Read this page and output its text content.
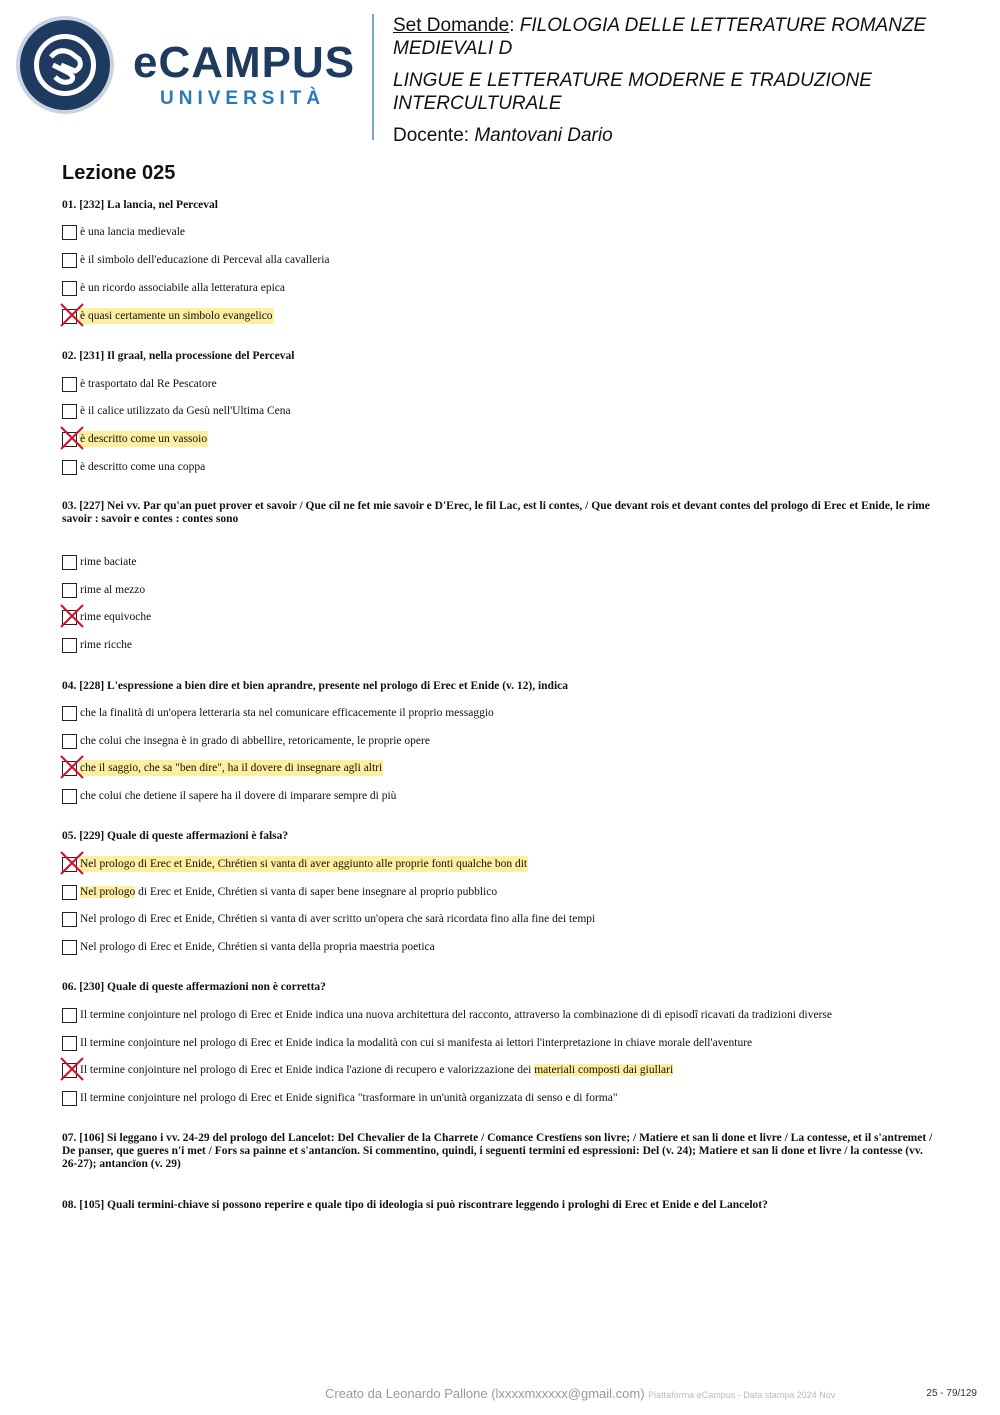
eCAMPUS
UNIVERSITÀ

Set Domande: FILOLOGIA DELLE LETTERATURE ROMANZE MEDIEVALI D

LINGUE E LETTERATURE MODERNE E TRADUZIONE INTERCULTURALE

Docente: Mantovani Dario

Lezione 025
01. [232] La lancia, nel Perceval
è una lancia medievale
è il simbolo dell'educazione di Perceval alla cavalleria
è un ricordo associabile alla letteratura epica
è quasi certamente un simbolo evangelico
02. [231] Il graal, nella processione del Perceval
è trasportato dal Re Pescatore
è il calice utilizzato da Gesù nell'Ultima Cena
è descritto come un vassoio
è descritto come una coppa
03. [227] Nei vv. Par qu'an puet prover et savoir / Que cil ne fet mie savoir e D'Erec, le fil Lac, est li contes, / Que devant rois et devant contes del prologo di Erec et Enide, le rime savoir : savoir e contes : contes sono
rime baciate
rime al mezzo
rime equivoche
rime ricche
04. [228] L'espressione a bien dire et bien aprandre, presente nel prologo di Erec et Enide (v. 12), indica
che la finalità di un'opera letteraria sta nel comunicare efficacemente il proprio messaggio
che colui che insegna è in grado di abbellire, retoricamente, le proprie opere
che il saggio, che sa "ben dire", ha il dovere di insegnare agli altri
che colui che detiene il sapere ha il dovere di imparare sempre di più
05. [229] Quale di queste affermazioni è falsa?
Nel prologo di Erec et Enide, Chrétien si vanta di aver aggiunto alle proprie fonti qualche bon dit
Nel prologo di Erec et Enide, Chrétien si vanta di saper bene insegnare al proprio pubblico
Nel prologo di Erec et Enide, Chrétien si vanta di aver scritto un'opera che sarà ricordata fino alla fine dei tempi
Nel prologo di Erec et Enide, Chrétien si vanta della propria maestria poetica
06. [230] Quale di queste affermazioni non è corretta?
Il termine conjointure nel prologo di Erec et Enide indica una nuova architettura del racconto, attraverso la combinazione di di episodî ricavati da tradizioni diverse
Il termine conjointure nel prologo di Erec et Enide indica la modalità con cui si manifesta ai lettori l'interpretazione in chiave morale dell'aventure
Il termine conjointure nel prologo di Erec et Enide indica l'azione di recupero e valorizzazione dei materiali composti dai giullari
Il termine conjointure nel prologo di Erec et Enide significa "trasformare in un'unità organizzata di senso e di forma"
07. [106] Si leggano i vv. 24-29 del prologo del Lancelot: Del Chevalier de la Charrete / Comance Crestïens son livre; / Matiere et san li done et livre / La contesse, et il s'antremet / De panser, que gueres n'i met / Fors sa painne et s'antancïon. Si commentino, quindi, i seguenti termini ed espressioni: Del (v. 24); Matiere et san li done et livre / la contesse (vv. 26-27); antancïon (v. 29)
08. [105] Quali termini-chiave si possono reperire e quale tipo di ideologia si può riscontrare leggendo i prologhi di Erec et Enide e del Lancelot?
Creato da Leonardo Pallone (lxxxxmxxxxx@gmail.com) Piattaforma eCampus - Data stampa 2024 Nov	25 - 79/129
